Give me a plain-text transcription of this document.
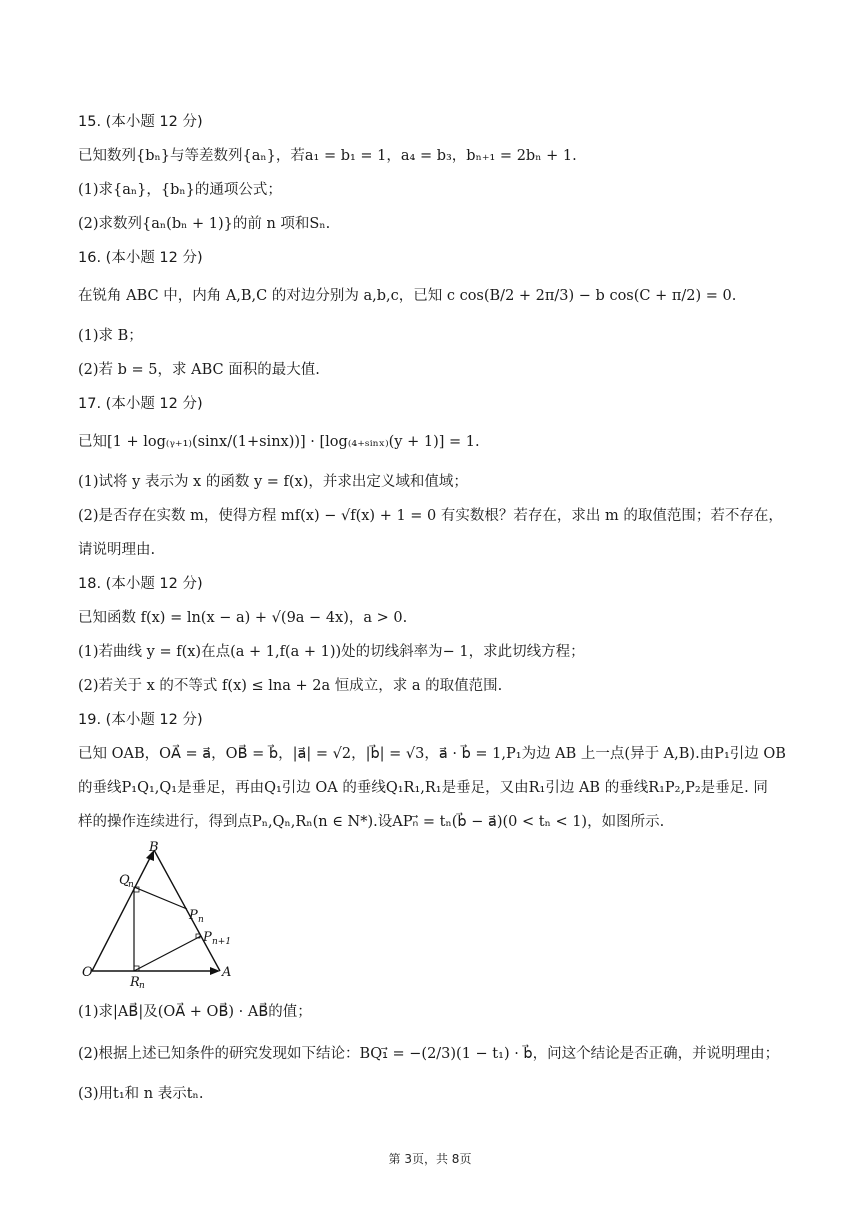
15. (本小题 12 分)
已知数列{bₙ}与等差数列{aₙ}，若a₁ = b₁ = 1，a₄ = b₃，bₙ₊₁ = 2bₙ + 1.
(1)求{aₙ}，{bₙ}的通项公式；
(2)求数列{aₙ(bₙ + 1)}的前 n 项和Sₙ.
16. (本小题 12 分)
在锐角 ABC 中，内角 A,B,C 的对边分别为 a,b,c，已知 c cos(B/2 + 2π/3) − b cos(C + π/2) = 0.
(1)求 B；
(2)若 b = 5，求 ABC 面积的最大值.
17. (本小题 12 分)
已知[1 + log₍ᵧ₊₁₎(sinx/(1+sinx))] · [log₍₄₊ₛᵢₙₓ₎(y + 1)] = 1.
(1)试将 y 表示为 x 的函数 y = f(x)，并求出定义域和值域；
(2)是否存在实数 m，使得方程 mf(x) − √f(x) + 1 = 0 有实数根？若存在，求出 m 的取值范围；若不存在，
请说明理由.
18. (本小题 12 分)
已知函数 f(x) = ln(x − a) + √(9a − 4x)，a > 0.
(1)若曲线 y = f(x)在点(a + 1,f(a + 1))处的切线斜率为− 1，求此切线方程；
(2)若关于 x 的不等式 f(x) ≤ lna + 2a 恒成立，求 a 的取值范围.
19. (本小题 12 分)
已知 OAB，OA⃗ = a⃗，OB⃗ = b⃗，|a⃗| = √2，|b⃗| = √3，a⃗ · b⃗ = 1,P₁为边 AB 上一点(异于 A,B).由P₁引边 OB
的垂线P₁Q₁,Q₁是垂足，再由Q₁引边 OA 的垂线Q₁R₁,R₁是垂足，又由R₁引边 AB 的垂线R₁P₂,P₂是垂足. 同
样的操作连续进行，得到点Pₙ,Qₙ,Rₙ(n ∈ N*).设APₙ⃗ = tₙ(b⃗ − a⃗)(0 < tₙ < 1)，如图所示.
B
Q
n
P n
P n+1
O
R n
A
(1)求|AB⃗|及(OA⃗ + OB⃗) · AB⃗的值；
(2)根据上述已知条件的研究发现如下结论：BQ₁⃗ = −(2/3)(1 − t₁) · b⃗，问这个结论是否正确，并说明理由；
(3)用t₁和 n 表示tₙ.
第 3页，共 8页
